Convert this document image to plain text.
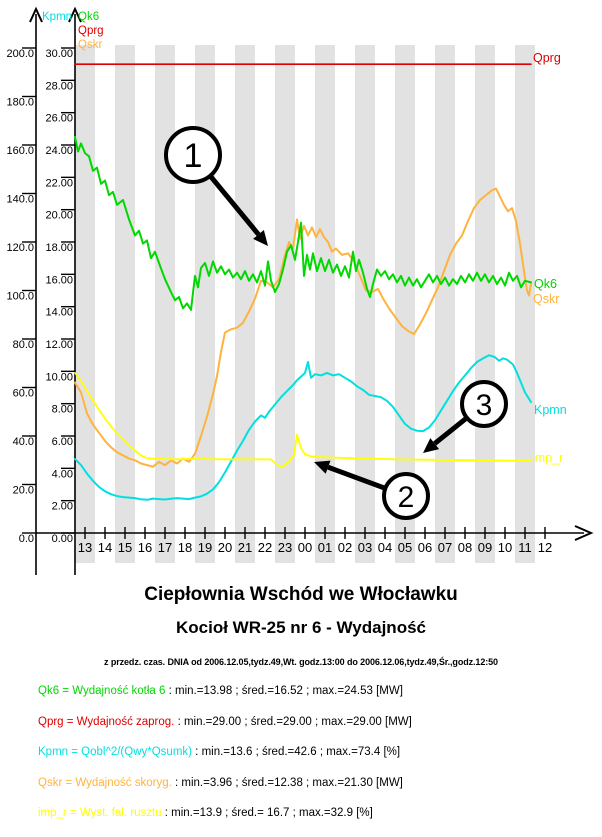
200.0
180.0
160.0
140.0
120.0
100.0
80.0
60.0
40.0
20.0
0.0
30.00
28.00
26.00
24.00
22.00
20.00
18.00
16.00
14.00
12.00
10.00
8.00
6.00
4.00
2.00
0.00
13 14 15 16 17 18 19 20 21 22 23 00 01 02 03 04 05 06 07 08 09 10 11 12
Kpmn Qk6
Qprg
Qskr
Qprg
Qskr
Qk6
Kpmn
imp_r
1
2
3
Ciepłownia Wschód we Włocławku
Kocioł WR-25 nr 6 - Wydajność
z przedz. czas. DNIA od 2006.12.05,tydz.49,Wt. godz.13:00 do 2006.12.06,tydz.49,Śr.,godz.12:50
Qk6 = Wydajność kotła 6 : min.=13.98 ; śred.=16.52 ; max.=24.53 [MW]
Qprg = Wydajność zaprog. : min.=29.00 ; śred.=29.00 ; max.=29.00 [MW]
Kpmn = Qobl^2/(Qwy*Qsumk) : min.=13.6 ; śred.=42.6 ; max.=73.4 [%]
Qskr = Wydajność skoryg. : min.=3.96 ; śred.=12.38 ; max.=21.30 [MW]
imp_r = Wyst. fal. rusztu : min.=13.9 ; śred.= 16.7 ; max.=32.9 [%]
